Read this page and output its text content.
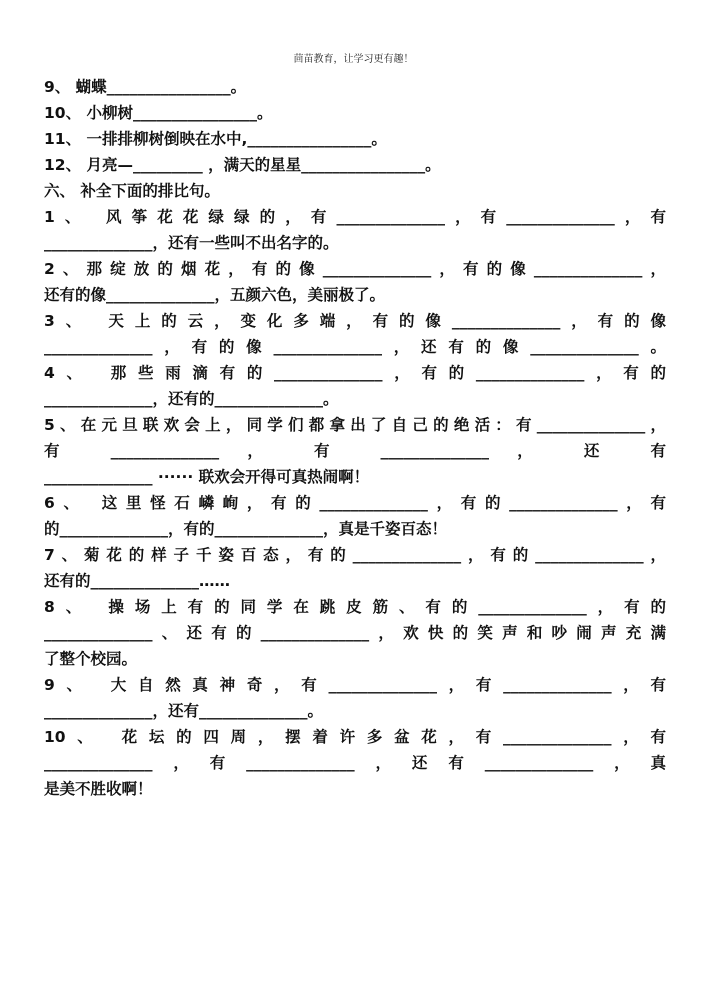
茴苗教育，让学习更有趣！
9、 蝴蝶________________。
10、 小柳树________________。
11、 一排排柳树倒映在水中,________________。
12、 月亮—_________ ，满天的星星________________。
六、 补全下面的排比句。
1、 风筝花花绿绿的，有______________，有______________，有
______________，还有一些叫不出名字的。
2、那绽放的烟花，有的像______________，有的像______________，
还有的像______________，五颜六色，美丽极了。
3、 天上的云，变化多端，有的像______________，有的像
______________，有的像______________，还有的像______________。
4、 那些雨滴有的______________，有的______________，有的
______________，还有的______________。
5、在元旦联欢会上，同学们都拿出了自己的绝活：有______________，
有 ______________ ， 有 ______________ ， 还 有
______________ ······ 联欢会开得可真热闹啊！
6、 这里怪石嶙峋，有的______________，有的______________，有
的______________，有的______________，真是千姿百态！
7、菊花的样子千姿百态，有的______________，有的______________，
还有的______________……
8、 操场上有的同学在跳皮筋、有的______________，有的
______________、还有的______________，欢快的笑声和吵闹声充满
了整个校园。
9、 大自然真神奇，有______________，有______________，有
______________，还有______________。
10、 花坛的四周，摆着许多盆花，有______________，有
______________，有______________，还有______________，真
是美不胜收啊！
